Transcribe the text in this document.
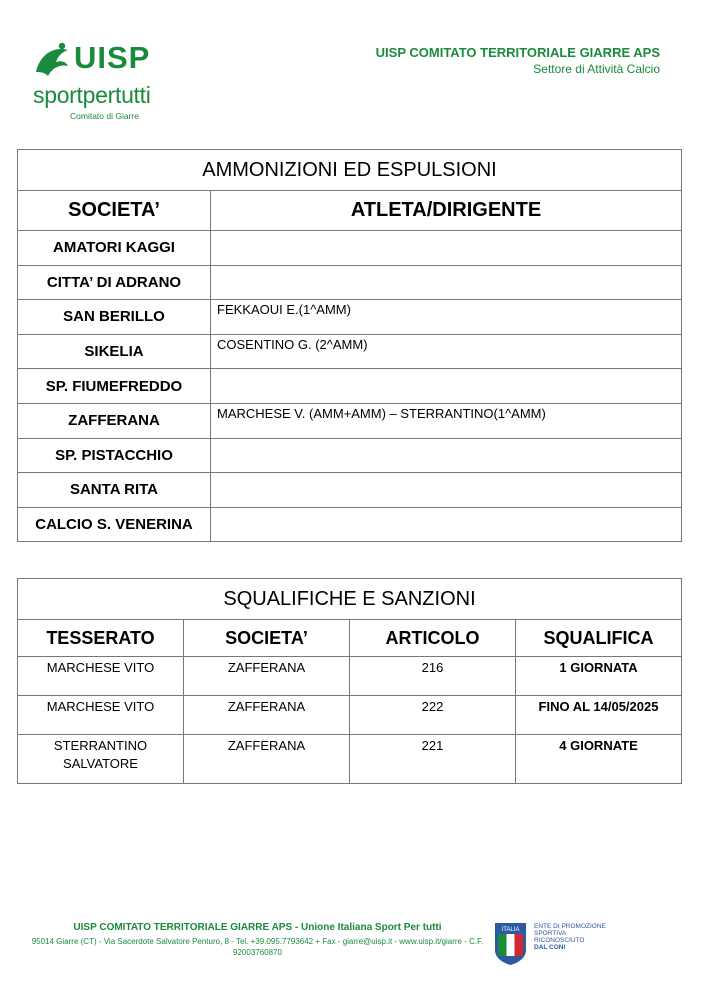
UISP
sportpertutti
Comitato di Giarre
UISP COMITATO TERRITORIALE GIARRE APS
Settore di Attività Calcio
AMMONIZIONI ED ESPULSIONI	
SOCIETA’	ATLETA/DIRIGENTE
AMATORI KAGGI	
CITTA’ DI ADRANO	
SAN BERILLO	FEKKAOUI E.(1^AMM)
SIKELIA	COSENTINO G. (2^AMM)
SP. FIUMEFREDDO	
ZAFFERANA	MARCHESE V. (AMM+AMM) – STERRANTINO(1^AMM)
SP. PISTACCHIO	
SANTA RITA	
CALCIO S. VENERINA	
SQUALIFICHE E SANZIONI			
TESSERATO	SOCIETA’	ARTICOLO	SQUALIFICA
MARCHESE VITO	ZAFFERANA	216	1 GIORNATA
MARCHESE VITO	ZAFFERANA	222	FINO AL 14/05/2025
STERRANTINO SALVATORE	ZAFFERANA	221	4 GIORNATE
UISP COMITATO TERRITORIALE GIARRE APS - Unione Italiana Sport Per tutti
95014 Giarre (CT) - Via Sacerdote Salvatore Penturo, 8 - Tel. +39.095.7793642 + Fax - giarre@uisp.it - www.uisp.it/giarre - C.F. 92003760870
ITALIA ENTE DI PROMOZIONE
SPORTIVA
RICONOSCIUTO
DAL CONI
